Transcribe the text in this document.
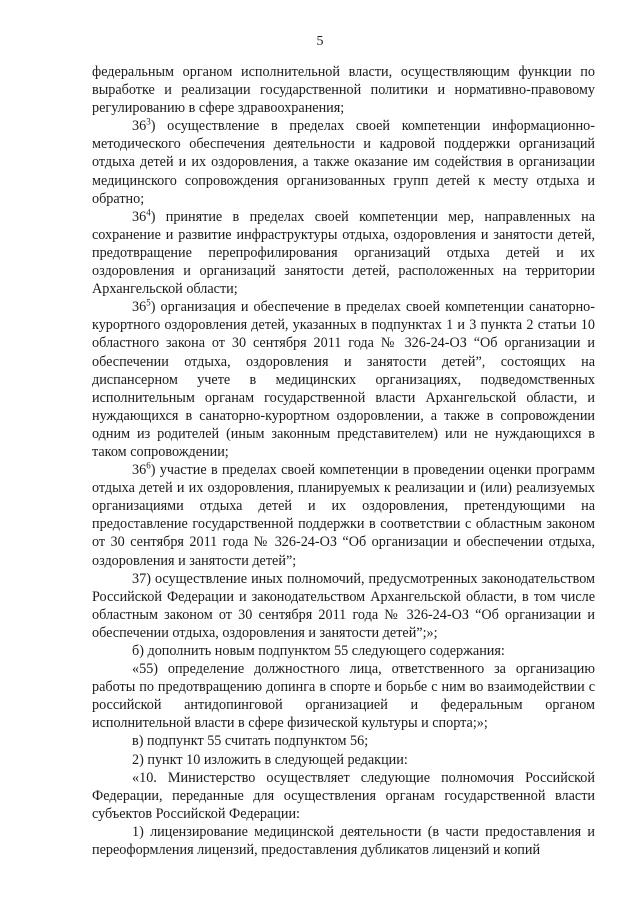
5

федеральным органом исполнительной власти, осуществляющим функции по выработке и реализации государственной политики и нормативно-правовому регулированию в сфере здравоохранения;

$36^3$) осуществление в пределах своей компетенции информационно-методического обеспечения деятельности и кадровой поддержки организаций отдыха детей и их оздоровления, а также оказание им содействия в организации медицинского сопровождения организованных групп детей к месту отдыха и обратно;

$36^4$) принятие в пределах своей компетенции мер, направленных на сохранение и развитие инфраструктуры отдыха, оздоровления и занятости детей, предотвращение перепрофилирования организаций отдыха детей и их оздоровления и организаций занятости детей, расположенных на территории Архангельской области;

$36^5$) организация и обеспечение в пределах своей компетенции санаторно-курортного оздоровления детей, указанных в подпунктах 1 и 3 пункта 2 статьи 10 областного закона от 30 сентября 2011 года № 326-24-ОЗ “Об организации и обеспечении отдыха, оздоровления и занятости детей”, состоящих на диспансерном учете в медицинских организациях, подведомственных исполнительным органам государственной власти Архангельской области, и нуждающихся в санаторно-курортном оздоровлении, а также в сопровождении одним из родителей (иным законным представителем) или не нуждающихся в таком сопровождении;

$36^6$) участие в пределах своей компетенции в проведении оценки программ отдыха детей и их оздоровления, планируемых к реализации и (или) реализуемых организациями отдыха детей и их оздоровления, претендующими на предоставление государственной поддержки в соответствии с областным законом от 30 сентября 2011 года № 326-24-ОЗ “Об организации и обеспечении отдыха, оздоровления и занятости детей”;

37) осуществление иных полномочий, предусмотренных законодательством Российской Федерации и законодательством Архангельской области, в том числе областным законом от 30 сентября 2011 года № 326-24-ОЗ “Об организации и обеспечении отдыха, оздоровления и занятости детей”;»;

б) дополнить новым подпунктом 55 следующего содержания:

«55) определение должностного лица, ответственного за организацию работы по предотвращению допинга в спорте и борьбе с ним во взаимодействии с российской антидопинговой организацией и федеральным органом исполнительной власти в сфере физической культуры и спорта;»;

в) подпункт 55 считать подпунктом 56;

2) пункт 10 изложить в следующей редакции:

«10. Министерство осуществляет следующие полномочия Российской Федерации, переданные для осуществления органам государственной власти субъектов Российской Федерации:

1) лицензирование медицинской деятельности (в части предоставления и переоформления лицензий, предоставления дубликатов лицензий и копий
